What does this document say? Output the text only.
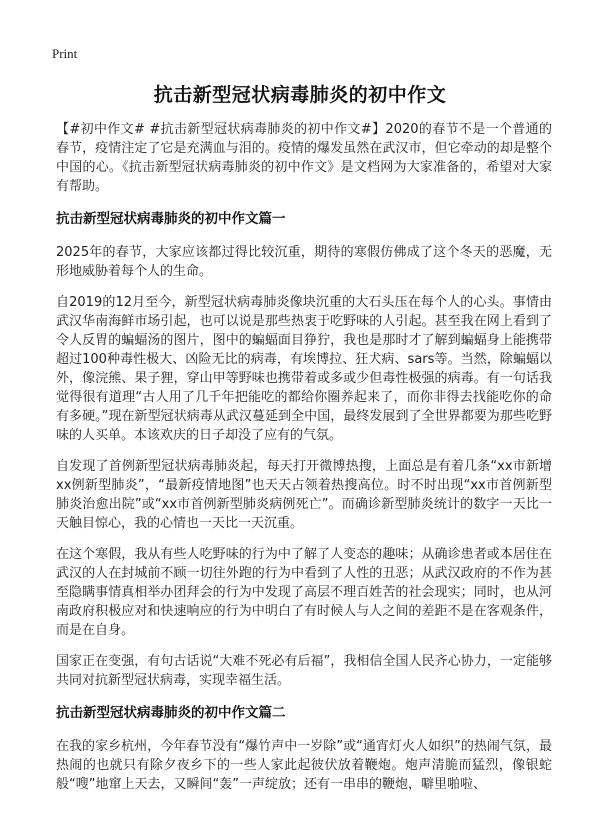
Print
抗击新型冠状病毒肺炎的初中作文

【#初中作文# #抗击新型冠状病毒肺炎的初中作文#】2020的春节不是一个普通的春节，疫情注定了它是充满血与泪的。疫情的爆发虽然在武汉市，但它牵动的却是整个中国的心。《抗击新型冠状病毒肺炎的初中作文》是文档网为大家准备的，希望对大家有帮助。

抗击新型冠状病毒肺炎的初中作文篇一

2025年的春节，大家应该都过得比较沉重，期待的寒假仿佛成了这个冬天的恶魔，无形地威胁着每个人的生命。

自2019的12月至今，新型冠状病毒肺炎像块沉重的大石头压在每个人的心头。事情由武汉华南海鲜市场引起，也可以说是那些热衷于吃野味的人引起。甚至我在网上看到了令人反胃的蝙蝠汤的图片，图中的蝙蝠面目狰狞，我也是那时才了解到蝙蝠身上能携带超过100种毒性极大、凶险无比的病毒，有埃博拉、狂犬病、sars等。当然，除蝙蝠以外，像浣熊、果子狸，穿山甲等野味也携带着或多或少但毒性极强的病毒。有一句话我觉得很有道理“古人用了几千年把能吃的都给你圈养起来了，而你非得去找能吃你的命有多硬。”现在新型冠状病毒从武汉蔓延到全中国，最终发展到了全世界都要为那些吃野味的人买单。本该欢庆的日子却没了应有的气氛。

自发现了首例新型冠状病毒肺炎起，每天打开微博热搜，上面总是有着几条“xx市新增xx例新型肺炎”，“最新疫情地图”也天天占领着热搜高位。时不时出现“xx市首例新型肺炎治愈出院”或“xx市首例新型肺炎病例死亡”。而确诊新型肺炎统计的数字一天比一天触目惊心，我的心情也一天比一天沉重。

在这个寒假，我从有些人吃野味的行为中了解了人变态的趣味；从确诊患者或本居住在武汉的人在封城前不顾一切往外跑的行为中看到了人性的丑恶；从武汉政府的不作为甚至隐瞒事情真相举办团拜会的行为中发现了高层不理百姓苦的社会现实；同时，也从河南政府积极应对和快速响应的行为中明白了有时候人与人之间的差距不是在客观条件，而是在自身。

国家正在变强，有句古话说“大难不死必有后福”，我相信全国人民齐心协力，一定能够共同对抗新型冠状病毒，实现幸福生活。

抗击新型冠状病毒肺炎的初中作文篇二

在我的家乡杭州，今年春节没有“爆竹声中一岁除”或“通宵灯火人如织”的热闹气氛，最热闹的也就只有除夕夜乡下的一些人家此起彼伏放着鞭炮。炮声清脆而猛烈，像银蛇般“嗖”地窜上天去，又瞬间“轰”一声绽放；还有一串串的鞭炮，噼里啪啦、
